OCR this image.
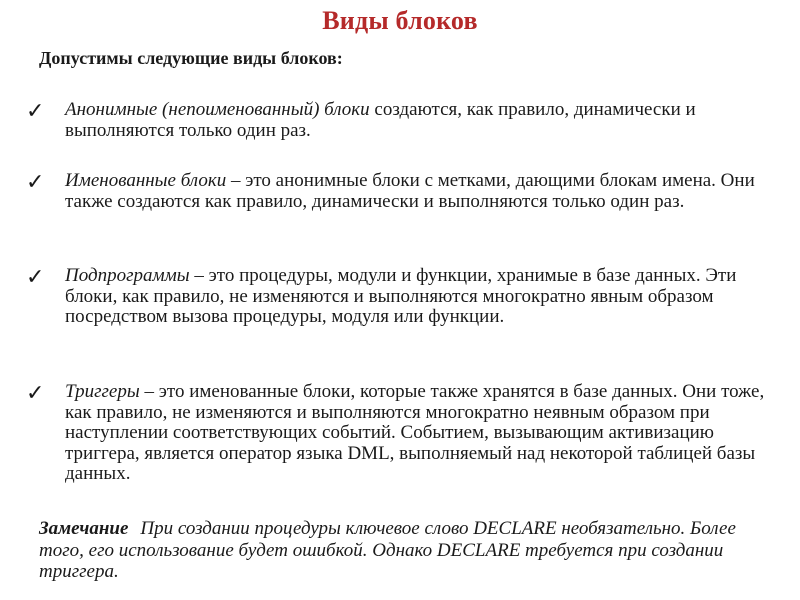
Виды блоков
Допустимы следующие виды блоков:
✓ Анонимные (непоименованный) блоки создаются, как правило, динамически и выполняются только один раз.
✓ Именованные блоки – это анонимные блоки с метками, дающими блокам имена. Они также создаются как правило, динамически и выполняются только один раз.
✓ Подпрограммы – это процедуры, модули и функции, хранимые в базе данных. Эти блоки, как правило, не изменяются и выполняются многократно явным образом посредством вызова процедуры, модуля или функции.
✓ Триггеры – это именованные блоки, которые также хранятся в базе данных. Они тоже, как правило, не изменяются и выполняются многократно неявным образом при наступлении соответствующих событий. Событием, вызывающим активизацию триггера, является оператор языка DML, выполняемый над некоторой таблицей базы данных.
Замечание При создании процедуры ключевое слово DECLARE необязательно. Более того, его использование будет ошибкой. Однако DECLARE требуется при создании триггера.
